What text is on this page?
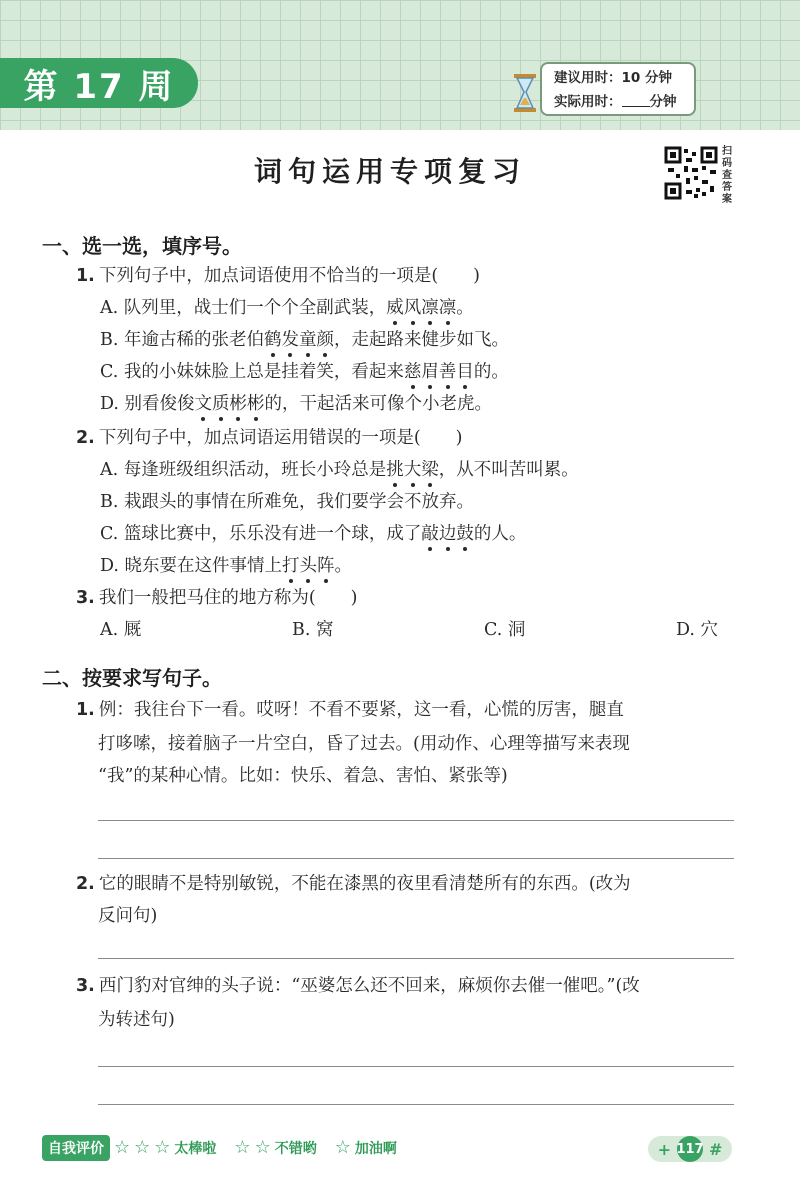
第 17 周	建议用时：10 分钟
实际用时： 分钟
词句运用专项复习
扫码查答案
一、选一选，填序号。
1. 下列句子中，加点词语使用不恰当的一项是(　　)
A. 队列里，战士们一个个全副武装，威风凛凛。
B. 年逾古稀的张老伯鹤发童颜，走起路来健步如飞。
C. 我的小妹妹脸上总是挂着笑，看起来慈眉善目的。
D. 别看俊俊文质彬彬的，干起活来可像个小老虎。
2. 下列句子中，加点词语运用错误的一项是(　　)
A. 每逢班级组织活动，班长小玲总是挑大梁，从不叫苦叫累。
B. 栽跟头的事情在所难免，我们要学会不放弃。
C. 篮球比赛中，乐乐没有进一个球，成了敲边鼓的人。
D. 晓东要在这件事情上打头阵。
3. 我们一般把马住的地方称为(　　)
A. 厩	B. 窝	C. 洞	D. 穴
二、按要求写句子。
1. 例：我往台下一看。哎呀！不看不要紧，这一看，心慌的厉害，腿直
打哆嗦，接着脑子一片空白，昏了过去。(用动作、心理等描写来表现
“我”的某种心情。比如：快乐、着急、害怕、紧张等)
2. 它的眼睛不是特别敏锐，不能在漆黑的夜里看清楚所有的东西。(改为
反问句)
3. 西门豹对官绅的头子说：“巫婆怎么还不回来，麻烦你去催一催吧。”(改
为转述句)
自我评价 ☆ ☆ ☆ 太棒啦 ☆ ☆ 不错哟 ☆ 加油啊	+ 117 #
